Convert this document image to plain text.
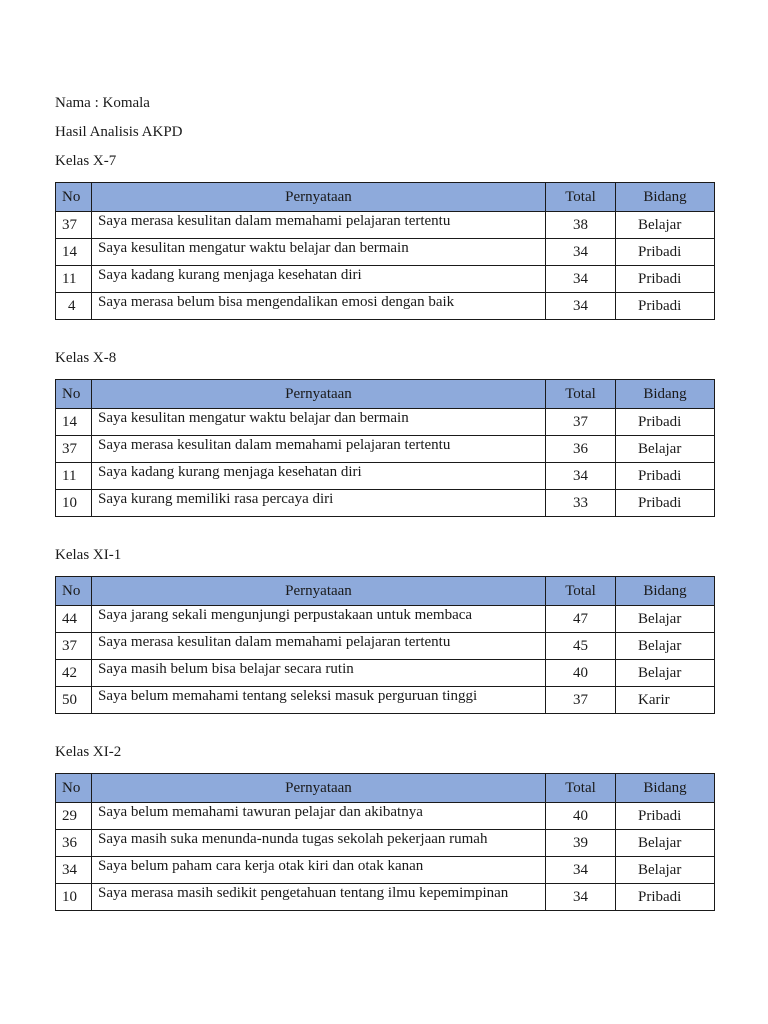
Nama : Komala
Hasil Analisis AKPD
Kelas X-7
No	Pernyataan	Total	Bidang
37	Saya merasa kesulitan dalam memahami pelajaran tertentu	38	Belajar
14	Saya kesulitan mengatur waktu belajar dan bermain	34	Pribadi
11	Saya kadang kurang menjaga kesehatan diri	34	Pribadi
4	Saya merasa belum bisa mengendalikan emosi dengan baik	34	Pribadi
Kelas X-8
No	Pernyataan	Total	Bidang
14	Saya kesulitan mengatur waktu belajar dan bermain	37	Pribadi
37	Saya merasa kesulitan dalam memahami pelajaran tertentu	36	Belajar
11	Saya kadang kurang menjaga kesehatan diri	34	Pribadi
10	Saya kurang memiliki rasa percaya diri	33	Pribadi
Kelas XI-1
No	Pernyataan	Total	Bidang
44	Saya jarang sekali mengunjungi perpustakaan untuk membaca	47	Belajar
37	Saya merasa kesulitan dalam memahami pelajaran tertentu	45	Belajar
42	Saya masih belum bisa belajar secara rutin	40	Belajar
50	Saya belum memahami tentang seleksi masuk perguruan tinggi	37	Karir
Kelas XI-2
No	Pernyataan	Total	Bidang
29	Saya belum memahami tawuran pelajar dan akibatnya	40	Pribadi
36	Saya masih suka menunda-nunda tugas sekolah pekerjaan rumah	39	Belajar
34	Saya belum paham cara kerja otak kiri dan otak kanan	34	Belajar
10	Saya merasa masih sedikit pengetahuan tentang ilmu kepemimpinan	34	Pribadi
